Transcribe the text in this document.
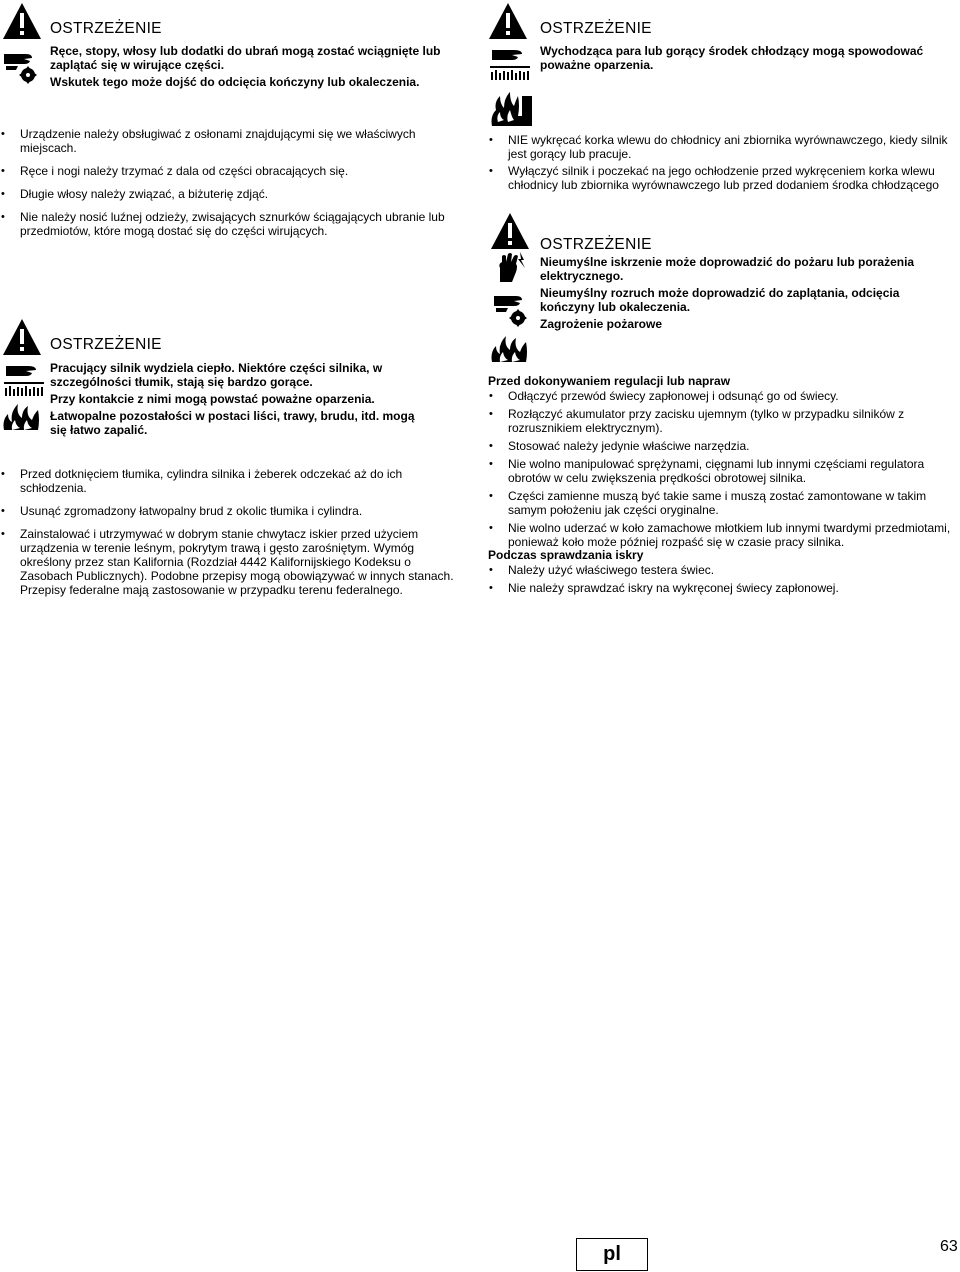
OSTRZEŻENIE
Ręce, stopy, włosy lub dodatki do ubrań mogą zostać wciągnięte lub zaplątać się w wirujące części.
Wskutek tego może dojść do odcięcia kończyny lub okaleczenia.
OSTRZEŻENIE
Wychodząca para lub gorący środek chłodzący mogą spowodować poważne oparzenia.
• Urządzenie należy obsługiwać z osłonami znajdującymi się we właściwych miejscach.
• Ręce i nogi należy trzymać z dala od części obracających się.
• Długie włosy należy związać, a biżuterię zdjąć.
• Nie należy nosić luźnej odzieży, zwisających sznurków ściągających ubranie lub przedmiotów, które mogą dostać się do części wirujących.
• NIE wykręcać korka wlewu do chłodnicy ani zbiornika wyrównawczego, kiedy silnik jest gorący lub pracuje.
• Wyłączyć silnik i poczekać na jego ochłodzenie przed wykręceniem korka wlewu chłodnicy lub zbiornika wyrównawczego lub przed dodaniem środka chłodzącego
OSTRZEŻENIE
Nieumyślne iskrzenie może doprowadzić do pożaru lub porażenia elektrycznego.
Nieumyślny rozruch może doprowadzić do zaplątania, odcięcia kończyny lub okaleczenia.
Zagrożenie pożarowe
OSTRZEŻENIE
Pracujący silnik wydziela ciepło. Niektóre części silnika, w szczególności tłumik, stają się bardzo gorące.
Przy kontakcie z nimi mogą powstać poważne oparzenia.
Łatwopalne pozostałości w postaci liści, trawy, brudu, itd. mogą się łatwo zapalić.
• Przed dotknięciem tłumika, cylindra silnika i żeberek odczekać aż do ich schłodzenia.
• Usunąć zgromadzony łatwopalny brud z okolic tłumika i cylindra.
• Zainstalować i utrzymywać w dobrym stanie chwytacz iskier przed użyciem urządzenia w terenie leśnym, pokrytym trawą i gęsto zarośniętym. Wymóg określony przez stan Kalifornia (Rozdział 4442 Kalifornijskiego Kodeksu o Zasobach Publicznych). Podobne przepisy mogą obowiązywać w innych stanach. Przepisy federalne mają zastosowanie w przypadku terenu federalnego.
Przed dokonywaniem regulacji lub napraw
• Odłączyć przewód świecy zapłonowej i odsunąć go od świecy.
• Rozłączyć akumulator przy zacisku ujemnym (tylko w przypadku silników z rozrusznikiem elektrycznym).
• Stosować należy jedynie właściwe narzędzia.
• Nie wolno manipulować sprężynami, cięgnami lub innymi częściami regulatora obrotów w celu zwiększenia prędkości obrotowej silnika.
• Części zamienne muszą być takie same i muszą zostać zamontowane w takim samym położeniu jak części oryginalne.
• Nie wolno uderzać w koło zamachowe młotkiem lub innymi twardymi przedmiotami, ponieważ koło może później rozpaść się w czasie pracy silnika.
Podczas sprawdzania iskry
• Należy użyć właściwego testera świec.
• Nie należy sprawdzać iskry na wykręconej świecy zapłonowej.
pl	63
